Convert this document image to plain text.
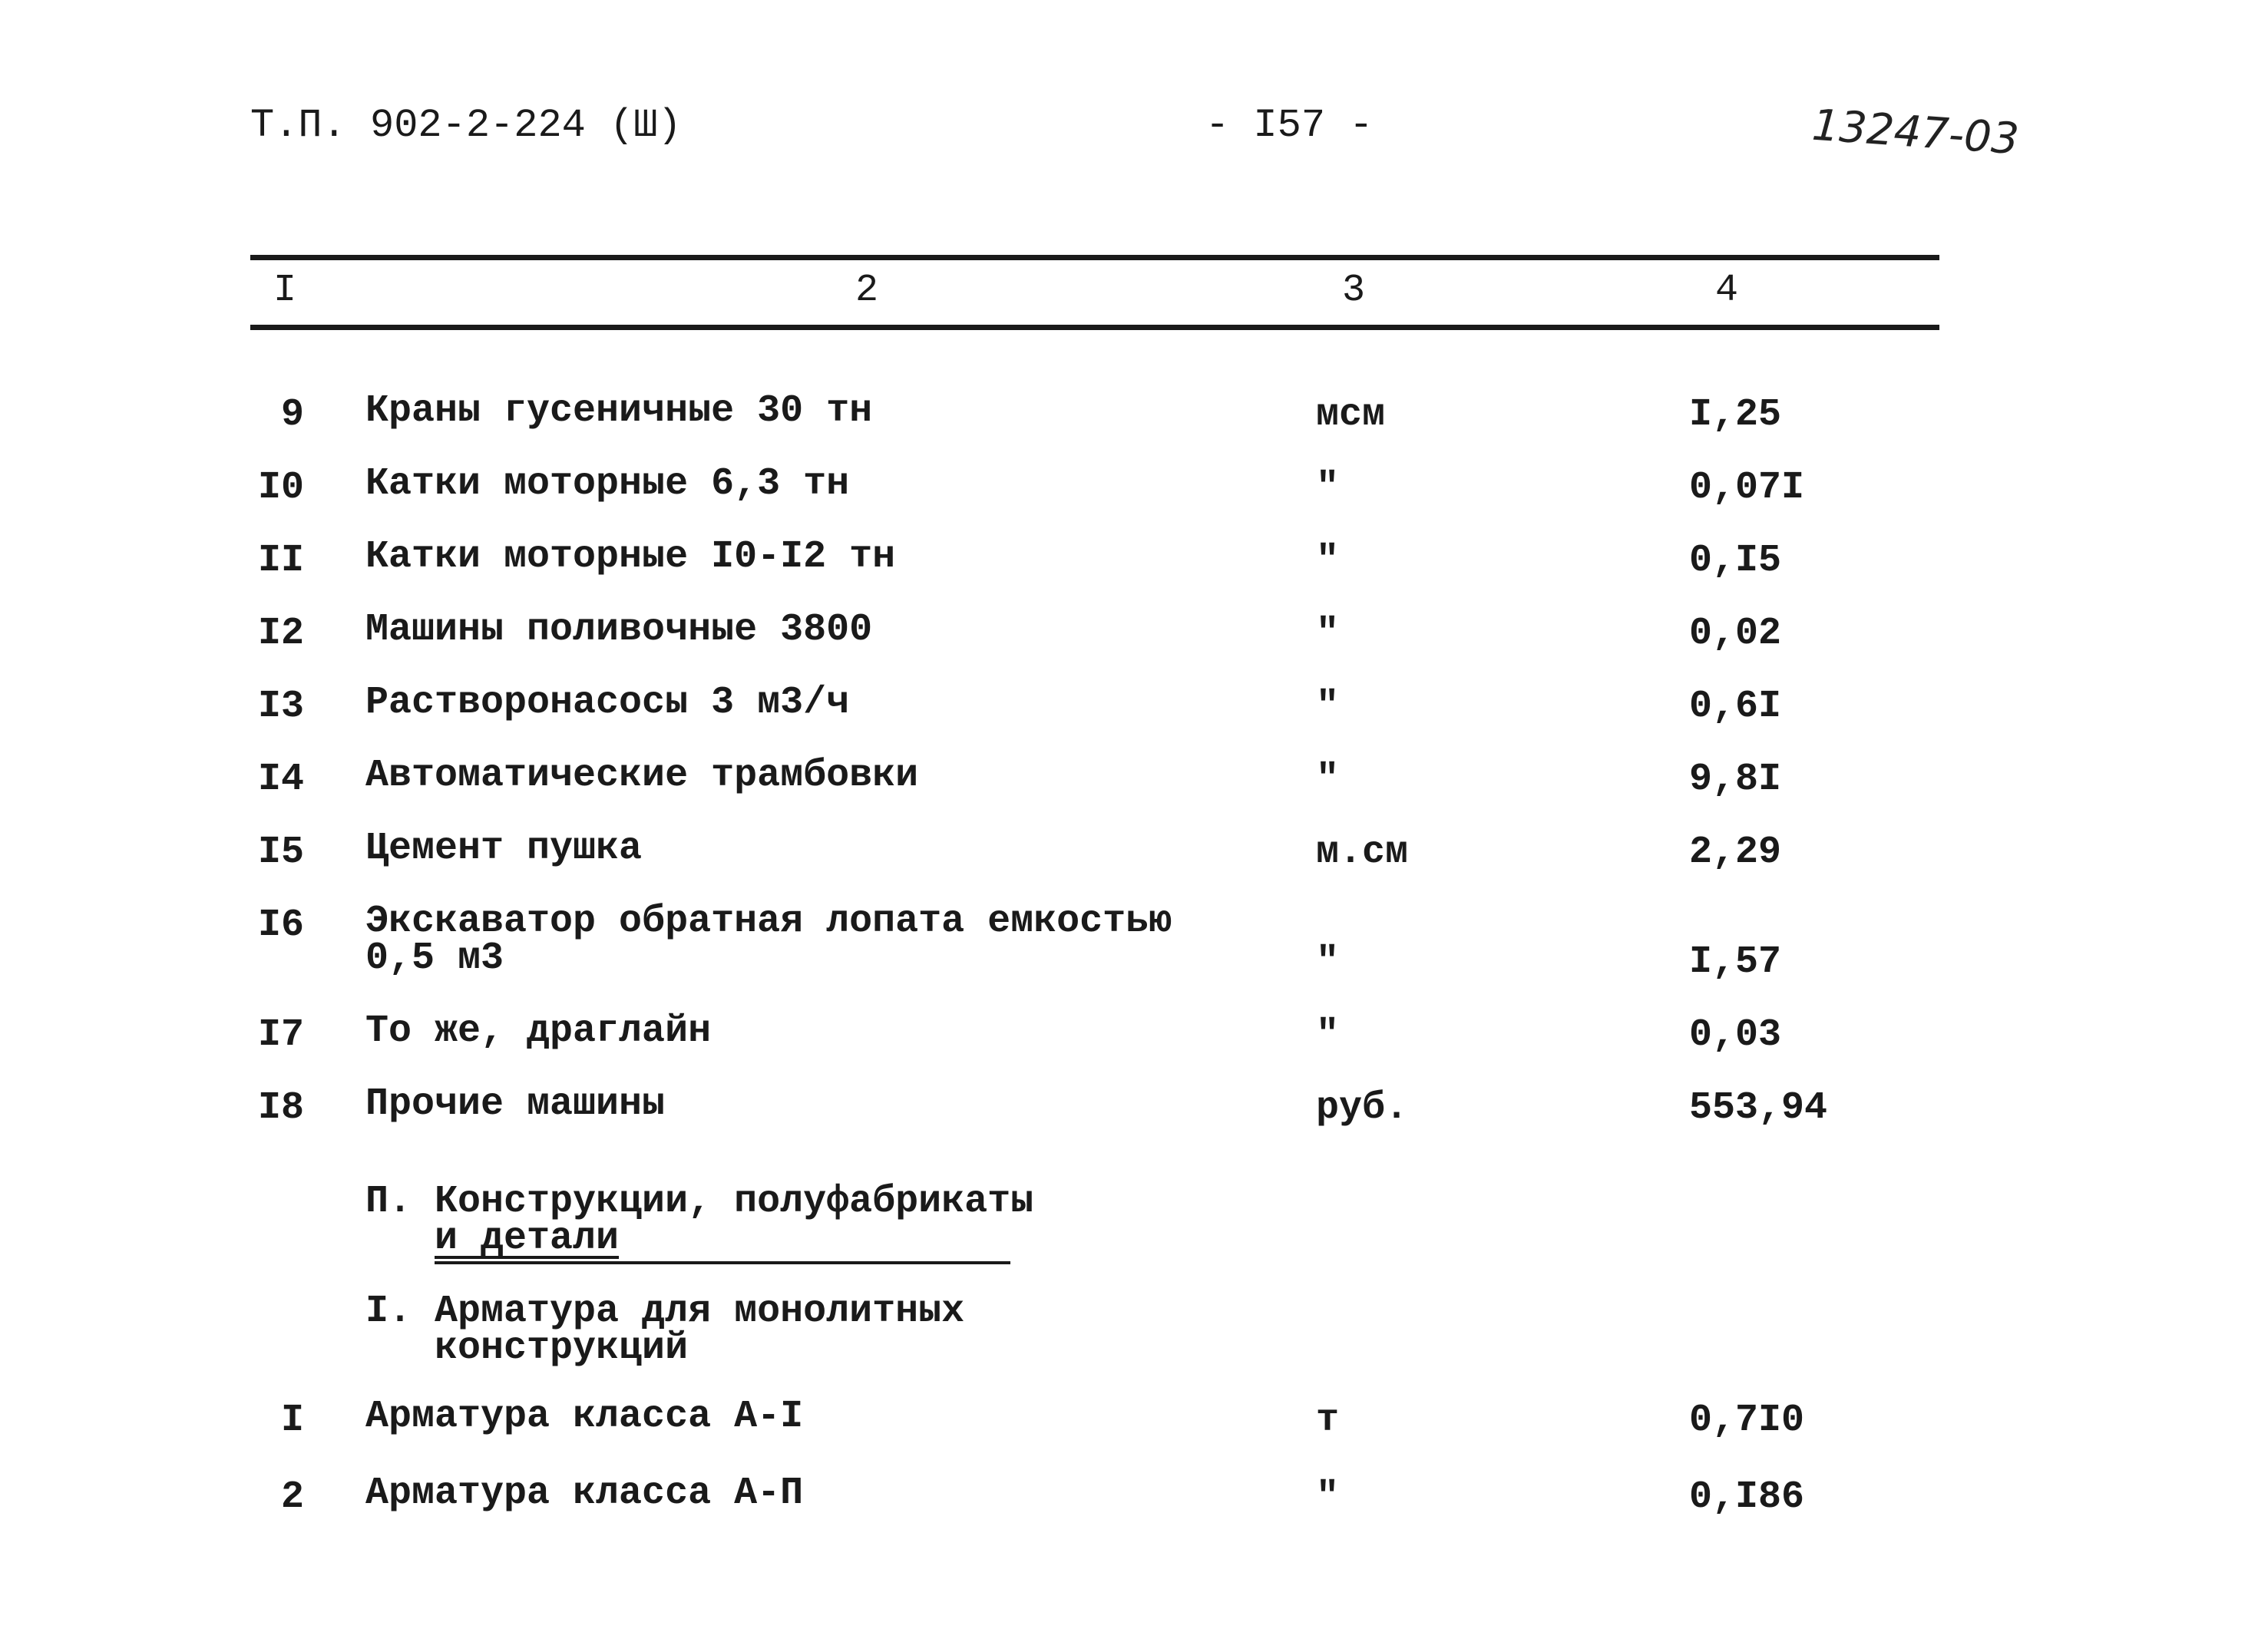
Т.П. 902-2-224 (Ш)	- I57 -	13247-03
I	2	3	4
9 Краны гусеничные 30 тн	мсм	I,25
I0 Катки моторные 6,3 тн	"	0,07I
II Катки моторные I0-I2 тн	"	0,I5
I2 Машины поливочные 3800	"	0,02
I3 Растворонасосы 3 м3/ч	"	0,6I
I4 Автоматические трамбовки	"	9,8I
I5 Цемент пушка	м.см	2,29
I6 Экскаватор обратная лопата емкостью
0,5 м3	"	I,57
I7 То же, драглайн	"	0,03
I8 Прочие машины	руб.	553,94
П. Конструкции, полуфабрикаты
и детали
I. Арматура для монолитных
конструкций
I Арматура класса А-I	т	0,7I0
2 Арматура класса А-П	"	0,I86
